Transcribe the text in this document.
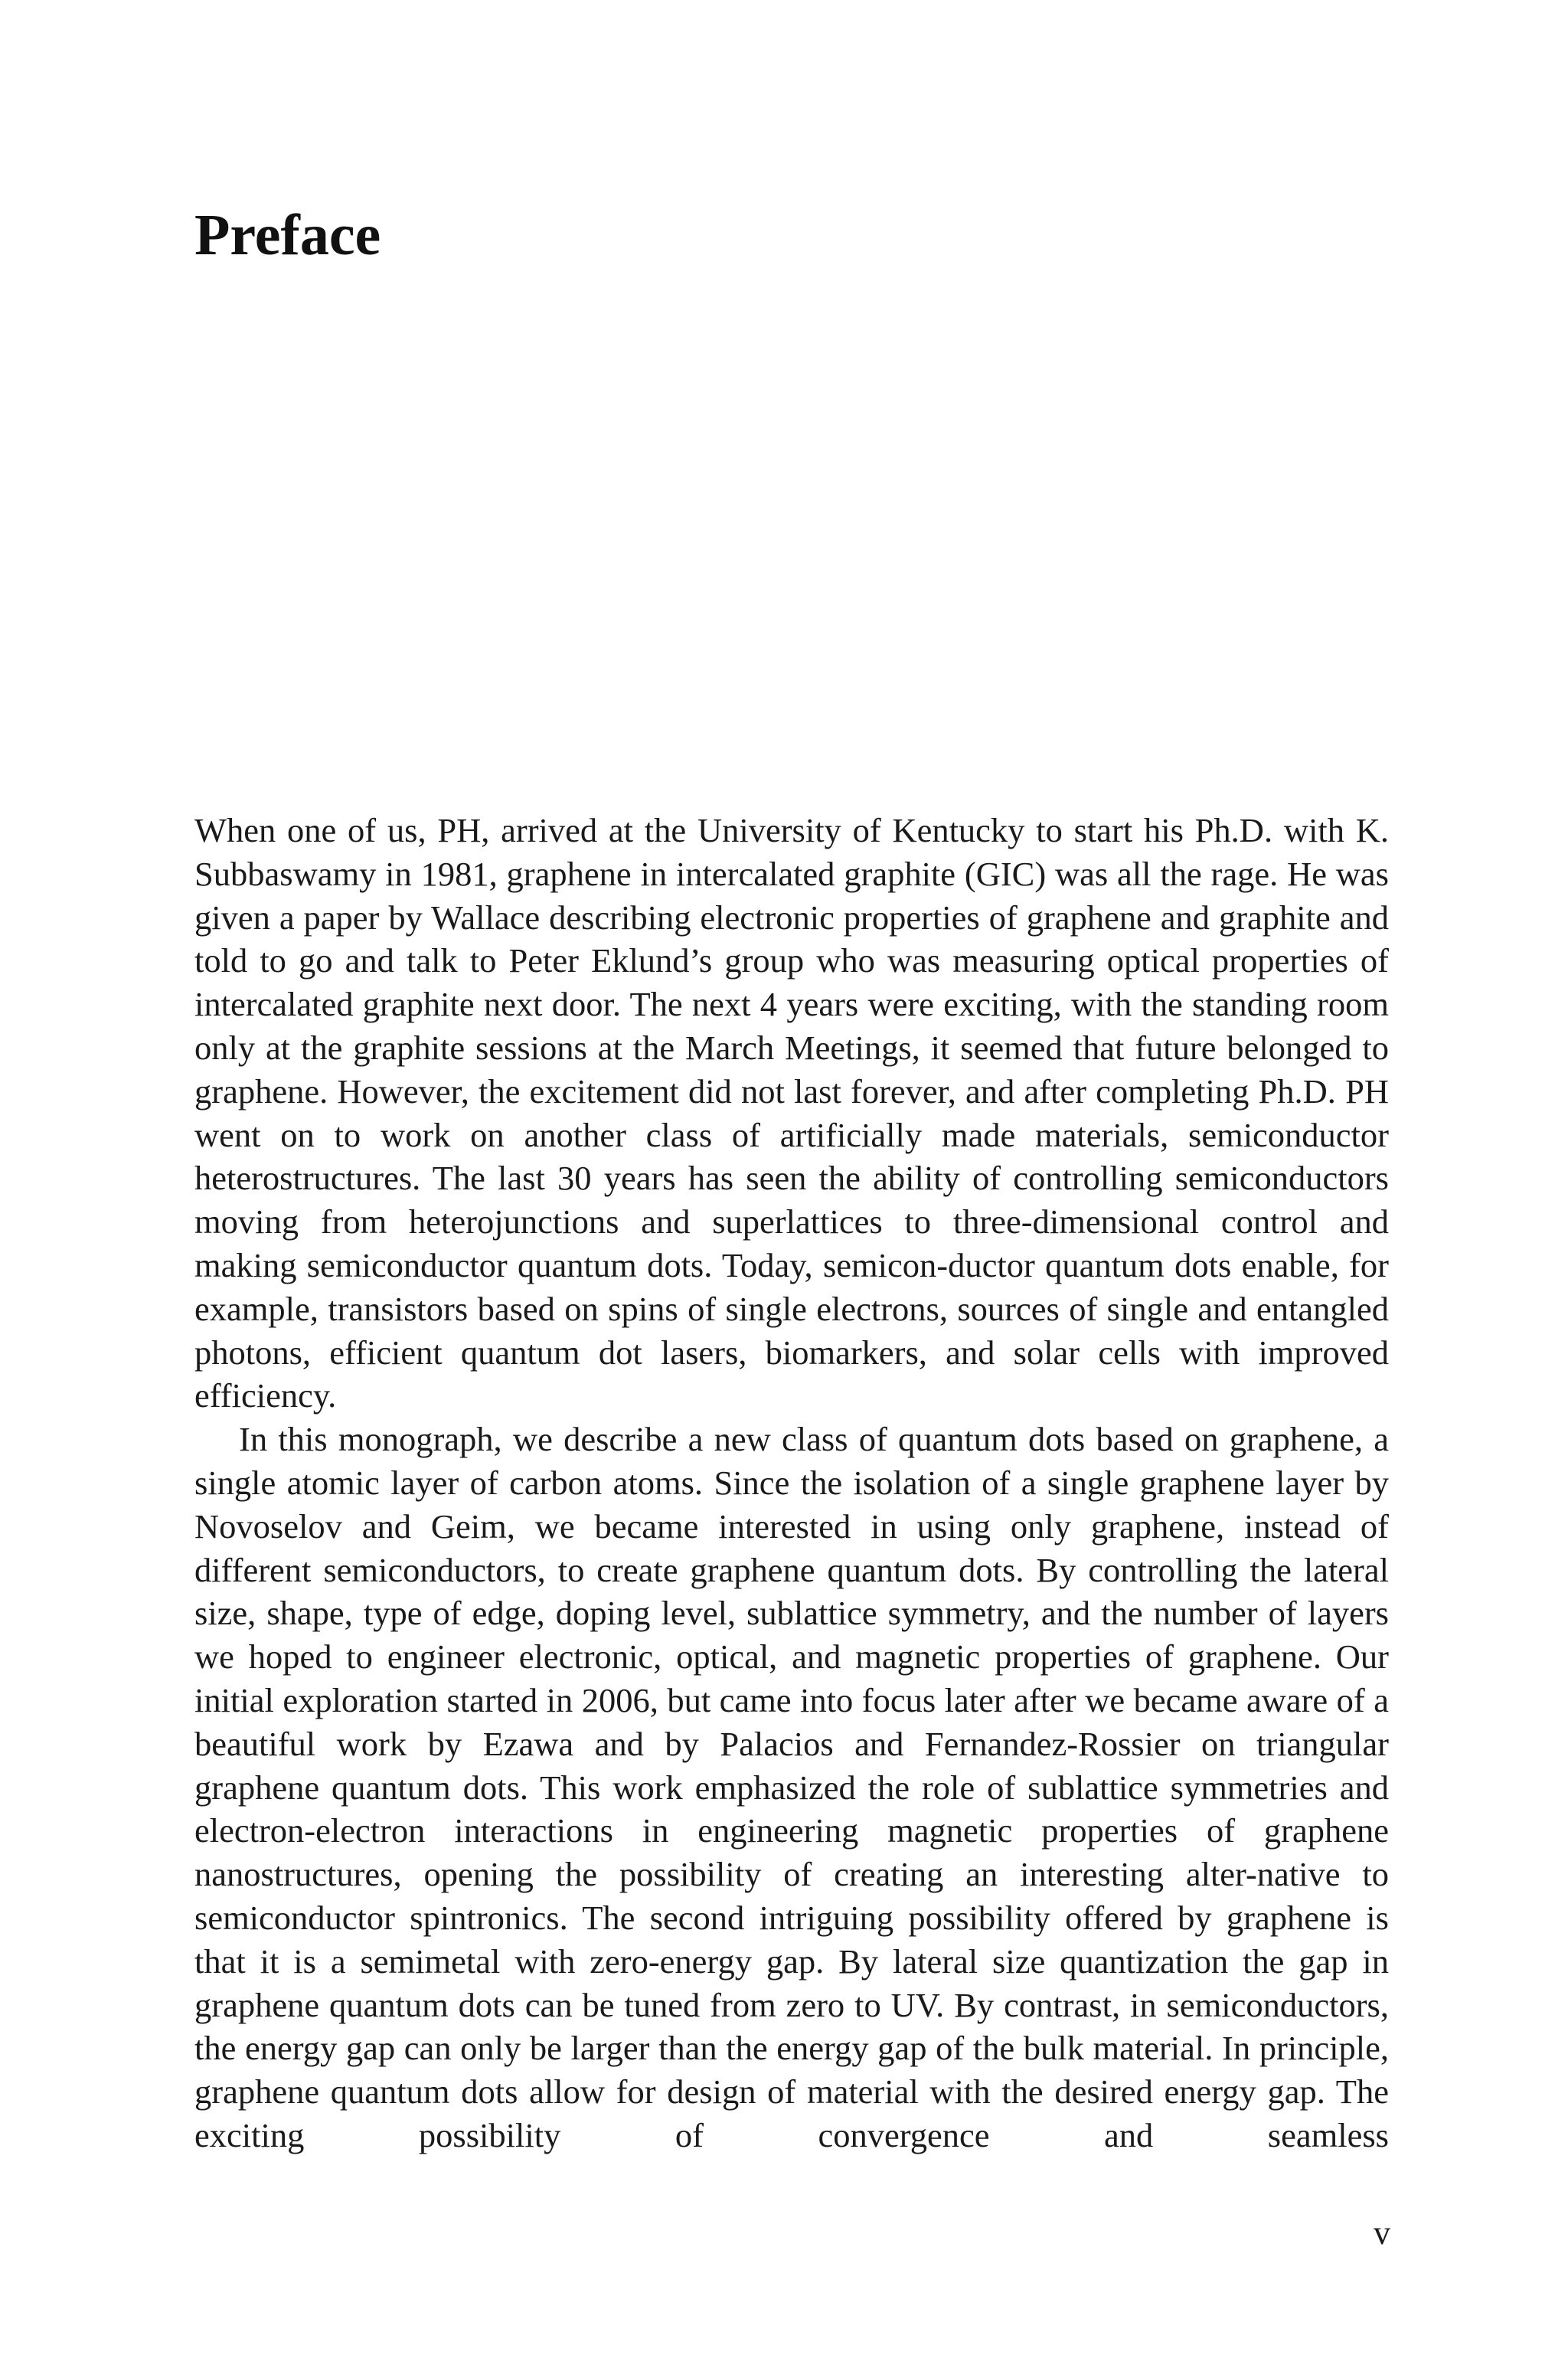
Preface

When one of us, PH, arrived at the University of Kentucky to start his Ph.D. with K. Subbaswamy in 1981, graphene in intercalated graphite (GIC) was all the rage. He was given a paper by Wallace describing electronic properties of graphene and graphite and told to go and talk to Peter Eklund’s group who was measuring optical properties of intercalated graphite next door. The next 4 years were exciting, with the standing room only at the graphite sessions at the March Meetings, it seemed that future belonged to graphene. However, the excitement did not last forever, and after completing Ph.D. PH went on to work on another class of artificially made materials, semiconductor heterostructures. The last 30 years has seen the ability of controlling semiconductors moving from heterojunctions and superlattices to three-dimensional control and making semiconductor quantum dots. Today, semicon-ductor quantum dots enable, for example, transistors based on spins of single electrons, sources of single and entangled photons, efficient quantum dot lasers, biomarkers, and solar cells with improved efficiency.

In this monograph, we describe a new class of quantum dots based on graphene, a single atomic layer of carbon atoms. Since the isolation of a single graphene layer by Novoselov and Geim, we became interested in using only graphene, instead of different semiconductors, to create graphene quantum dots. By controlling the lateral size, shape, type of edge, doping level, sublattice symmetry, and the number of layers we hoped to engineer electronic, optical, and magnetic properties of graphene. Our initial exploration started in 2006, but came into focus later after we became aware of a beautiful work by Ezawa and by Palacios and Fernandez-Rossier on triangular graphene quantum dots. This work emphasized the role of sublattice symmetries and electron-electron interactions in engineering magnetic properties of graphene nanostructures, opening the possibility of creating an interesting alter-native to semiconductor spintronics. The second intriguing possibility offered by graphene is that it is a semimetal with zero-energy gap. By lateral size quantization the gap in graphene quantum dots can be tuned from zero to UV. By contrast, in semiconductors, the energy gap can only be larger than the energy gap of the bulk material. In principle, graphene quantum dots allow for design of material with the desired energy gap. The exciting possibility of convergence and seamless

v
